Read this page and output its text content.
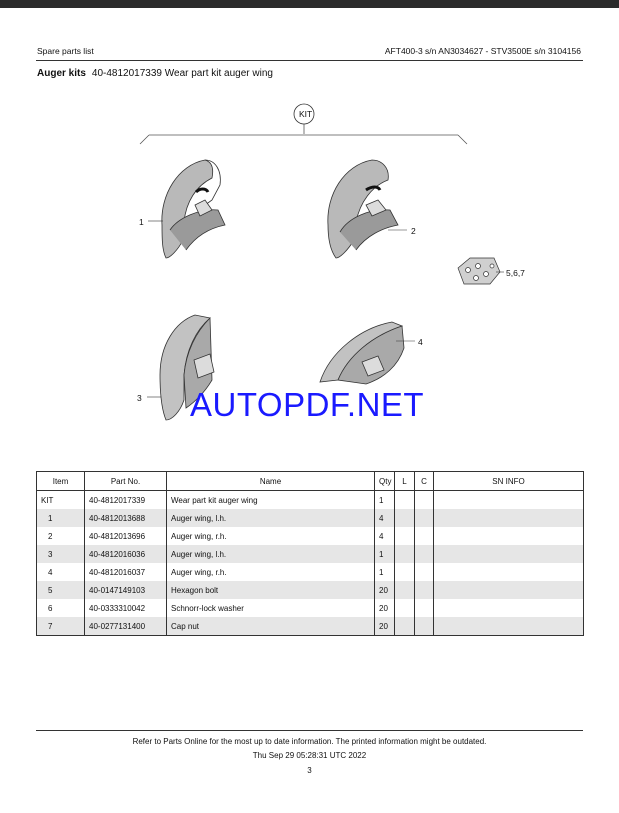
Spare parts list	AFT400-3 s/n AN3034627 - STV3500E s/n 3104156
Auger kits 40-4812017339 Wear part kit auger wing
KIT
1
2
5,6,7
3
4
AUTOPDF.NET
Item	Part No.	Name	Qty	L	C	SN INFO
KIT	40-4812017339	Wear part kit auger wing	1			
1	40-4812013688	Auger wing, l.h.	4			
2	40-4812013696	Auger wing, r.h.	4			
3	40-4812016036	Auger wing, l.h.	1			
4	40-4812016037	Auger wing, r.h.	1			
5	40-0147149103	Hexagon bolt	20			
6	40-0333310042	Schnorr-lock washer	20			
7	40-0277131400	Cap nut	20			
Refer to Parts Online for the most up to date information. The printed information might be outdated.
Thu Sep 29 05:28:31 UTC 2022
3
